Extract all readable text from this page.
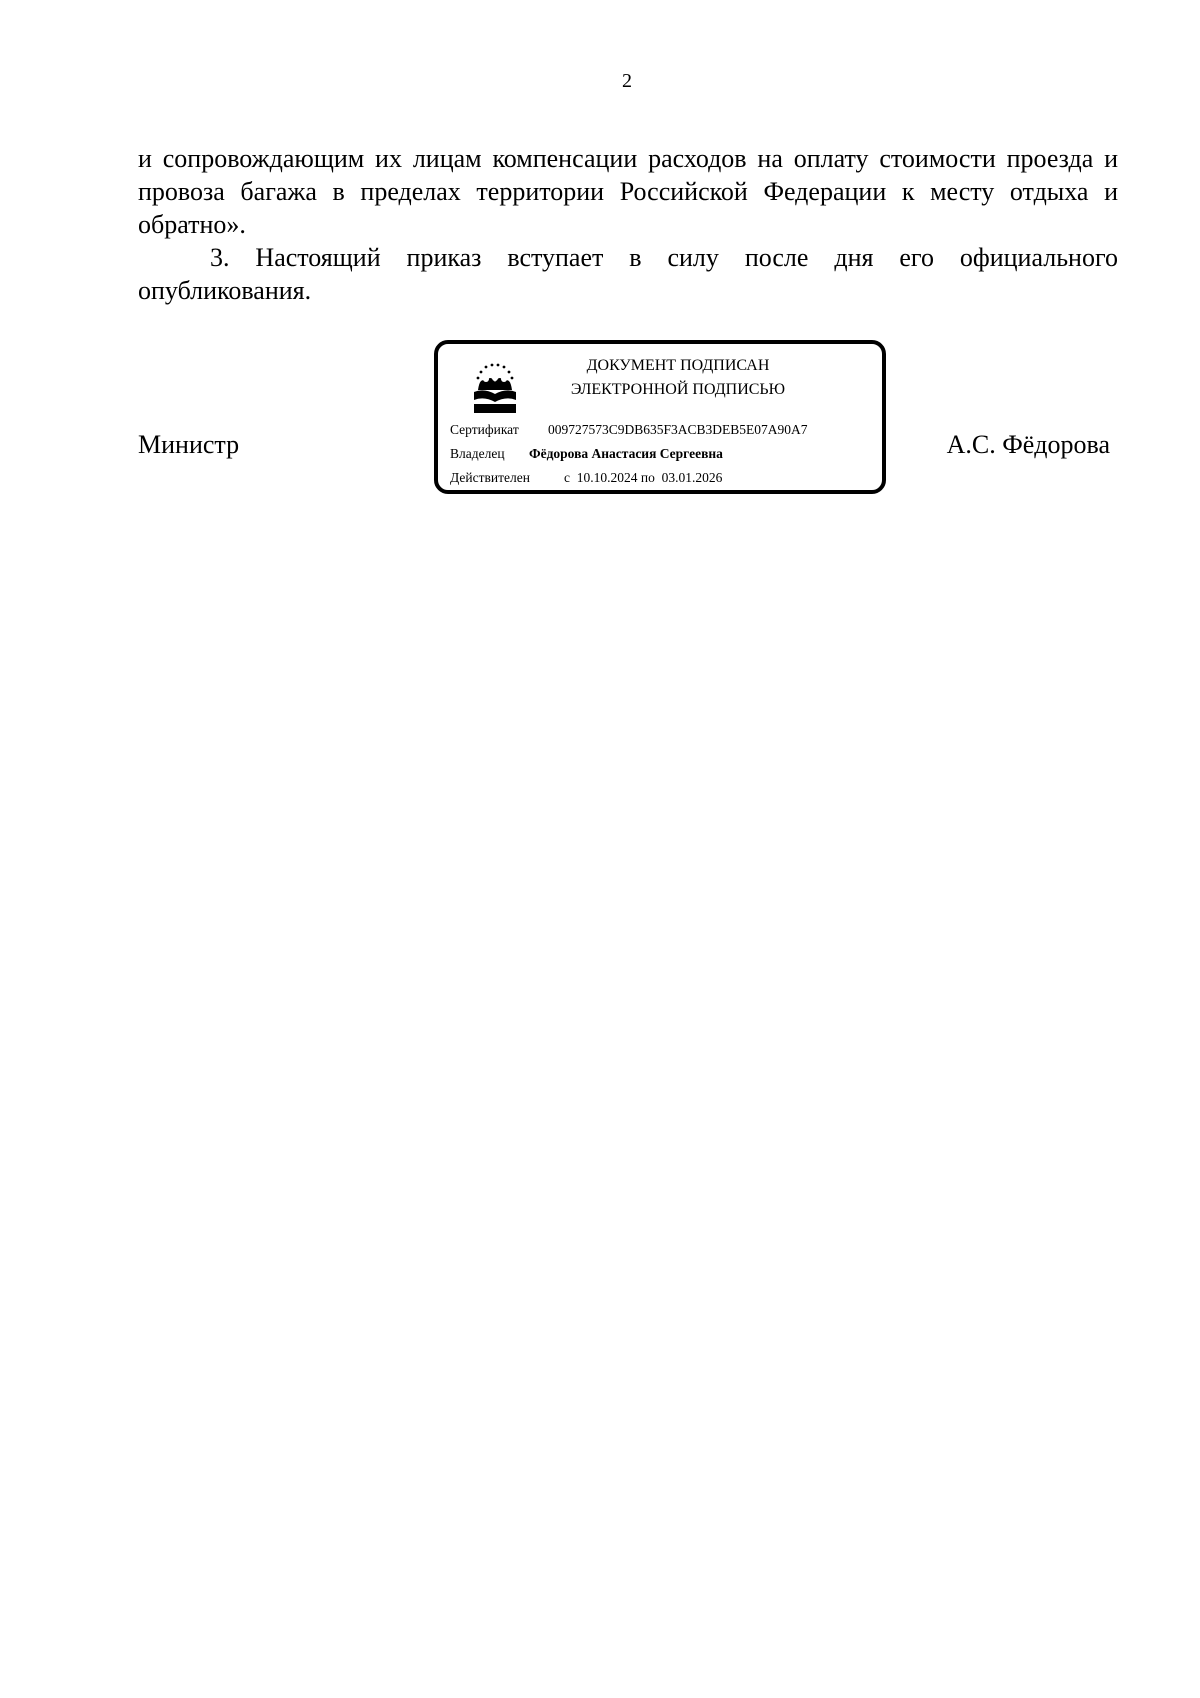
2

и сопровождающим их лицам компенсации расходов на оплату стоимости проезда и провоза багажа в пределах территории Российской Федерации к месту отдыха и обратно».

3. Настоящий приказ вступает в силу после дня его официального опубликования.

Министр	А.С. Фёдорова
ДОКУМЕНТ ПОДПИСАН
ЭЛЕКТРОННОЙ ПОДПИСЬЮ
Сертификат 009727573C9DB635F3ACB3DEB5E07A90A7
Владелец Фёдорова Анастасия Сергеевна
Действителен	с 10.10.2024 по 03.01.2026
